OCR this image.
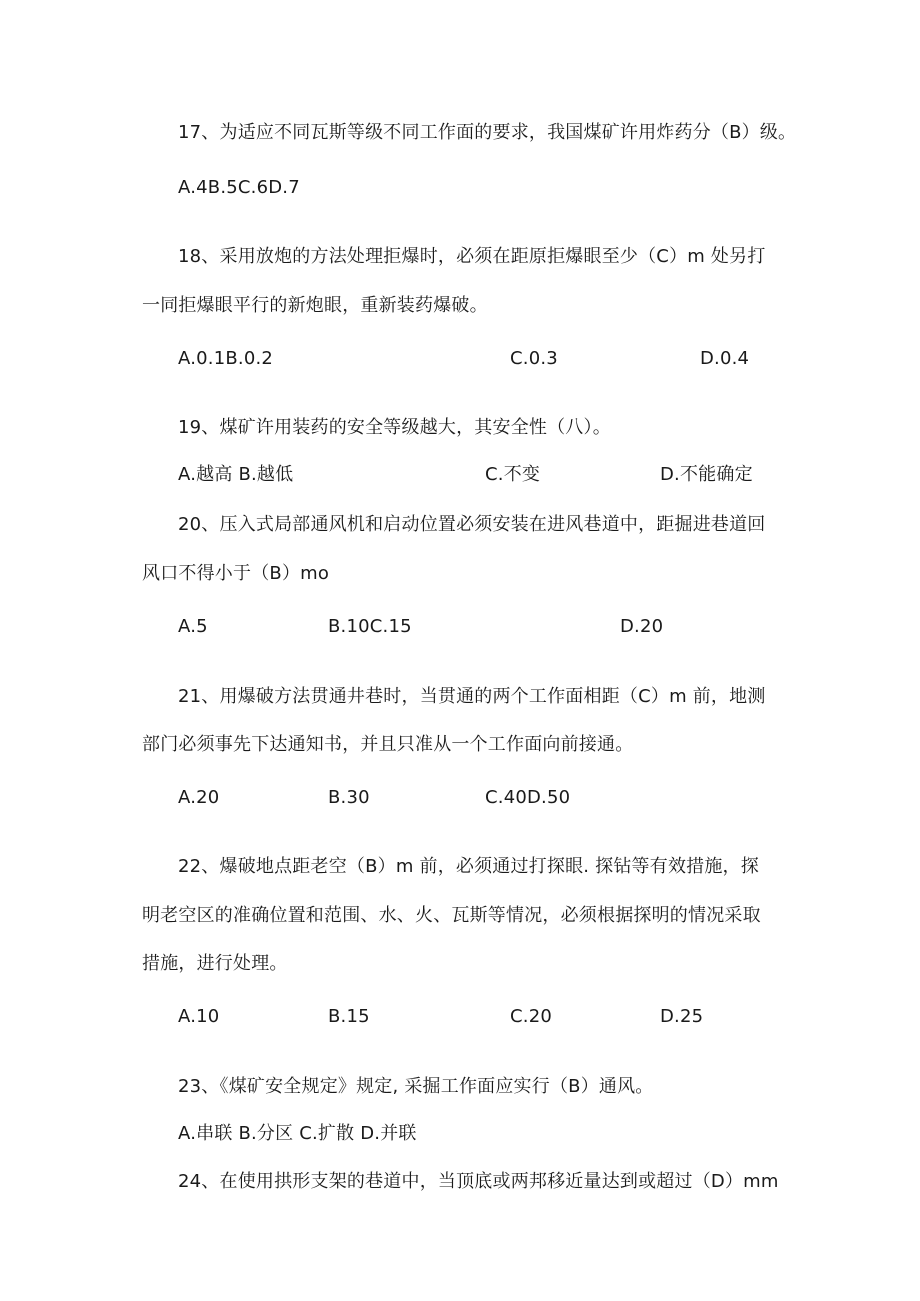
17、为适应不同瓦斯等级不同工作面的要求，我国煤矿许用炸药分（B）级。
A.4B.5C.6D.7
18、采用放炮的方法处理拒爆时，必须在距原拒爆眼至少（C）m 处另打
一同拒爆眼平行的新炮眼，重新装药爆破。
A.0.1B.0.2	C.0.3	D.0.4
19、煤矿许用装药的安全等级越大，其安全性（八）。
A.越高 B.越低	C.不变	D.不能确定
20、压入式局部通风机和启动位置必须安装在进风巷道中，距掘进巷道回
风口不得小于（B）mo
A.5	B.10C.15	D.20
21、用爆破方法贯通井巷时，当贯通的两个工作面相距（C）m 前，地测
部门必须事先下达通知书，并且只准从一个工作面向前接通。
A.20	B.30	C.40D.50
22、爆破地点距老空（B）m 前，必须通过打探眼. 探钻等有效措施，探
明老空区的准确位置和范围、水、火、瓦斯等情况，必须根据探明的情况采取
措施，进行处理。
A.10	B.15	C.20	D.25
23、《煤矿安全规定》规定, 采掘工作面应实行（B）通风。
A.串联 B.分区 C.扩散 D.并联
24、在使用拱形支架的巷道中，当顶底或两邦移近量达到或超过（D）mm
